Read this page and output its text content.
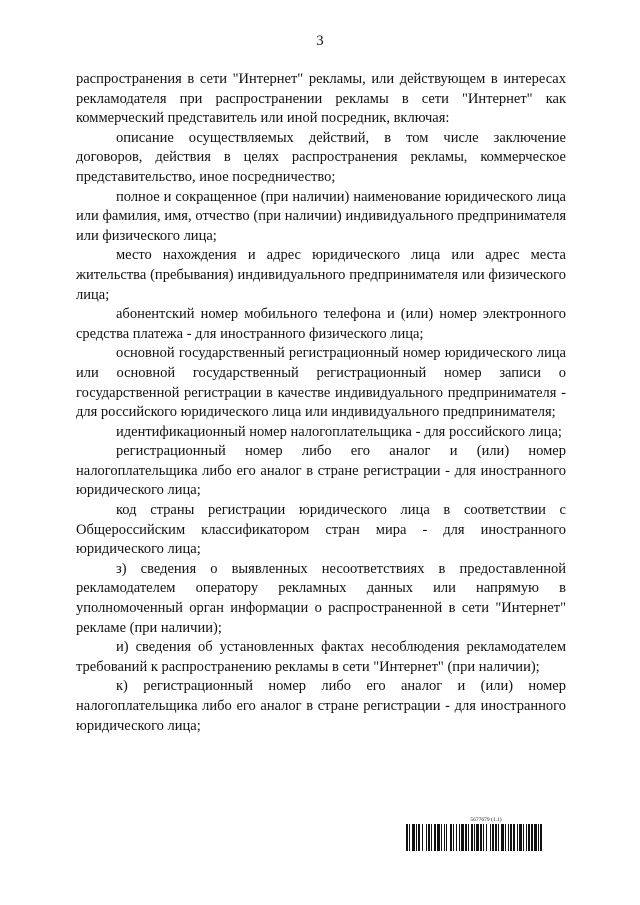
3

распространения в сети "Интернет" рекламы, или действующем в интересах рекламодателя при распространении рекламы в сети "Интернет" как коммерческий представитель или иной посредник, включая:

описание осуществляемых действий, в том числе заключение договоров, действия в целях распространения рекламы, коммерческое представительство, иное посредничество;

полное и сокращенное (при наличии) наименование юридического лица или фамилия, имя, отчество (при наличии) индивидуального предпринимателя или физического лица;

место нахождения и адрес юридического лица или адрес места жительства (пребывания) индивидуального предпринимателя или физического лица;

абонентский номер мобильного телефона и (или) номер электронного средства платежа - для иностранного физического лица;

основной государственный регистрационный номер юридического лица или основной государственный регистрационный номер записи о государственной регистрации в качестве индивидуального предпринимателя - для российского юридического лица или индивидуального предпринимателя;

идентификационный номер налогоплательщика - для российского лица;

регистрационный номер либо его аналог и (или) номер налогоплательщика либо его аналог в стране регистрации - для иностранного юридического лица;

код страны регистрации юридического лица в соответствии с Общероссийским классификатором стран мира - для иностранного юридического лица;

з) сведения о выявленных несоответствиях в предоставленной рекламодателем оператору рекламных данных или напрямую в уполномоченный орган информации о распространенной в сети "Интернет" рекламе (при наличии);

и) сведения об установленных фактах несоблюдения рекламодателем требований к распространению рекламы в сети "Интернет" (при наличии);

к) регистрационный номер либо его аналог и (или) номер налогоплательщика либо его аналог в стране регистрации - для иностранного юридического лица;

5677679 (1.1)
